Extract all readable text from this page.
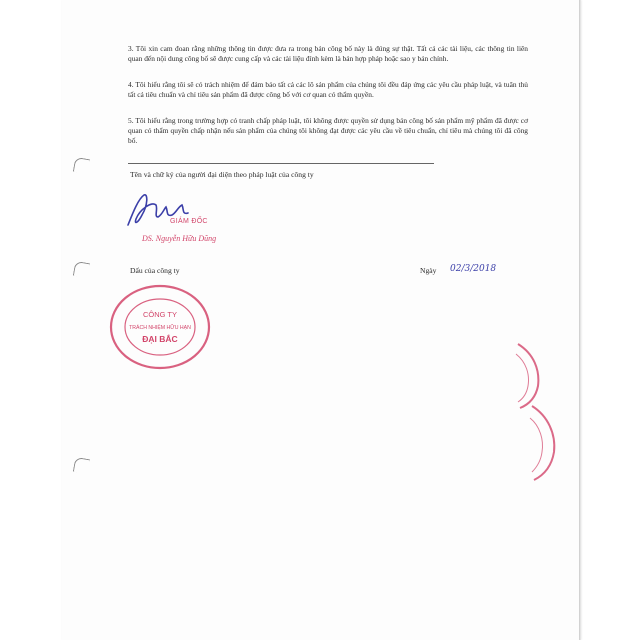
3. Tôi xin cam đoan rằng những thông tin được đưa ra trong bản công bố này là đúng sự thật. Tất cả các tài liệu, các thông tin liên quan đến nội dung công bố sẽ được cung cấp và các tài liệu đính kèm là bản hợp pháp hoặc sao y bản chính.
4. Tôi hiểu rằng tôi sẽ có trách nhiệm để đảm bảo tất cả các lô sản phẩm của chúng tôi đều đáp ứng các yêu cầu pháp luật, và tuân thủ tất cả tiêu chuẩn và chỉ tiêu sản phẩm đã được công bố với cơ quan có thẩm quyền.
5. Tôi hiểu rằng trong trường hợp có tranh chấp pháp luật, tôi không được quyền sử dụng bản công bố sản phẩm mỹ phẩm đã được cơ quan có thẩm quyền chấp nhận nếu sản phẩm của chúng tôi không đạt được các yêu cầu về tiêu chuẩn, chỉ tiêu mà chúng tôi đã công bố.
Tên và chữ ký của người đại diện theo pháp luật của công ty
GIÁM ĐỐC
DS. Nguyễn Hữu Dũng
Dấu của công ty	Ngày 02/3/2018
CÔNG TY
TRÁCH NHIỆM HỮU HẠN
ĐẠI BẮC
